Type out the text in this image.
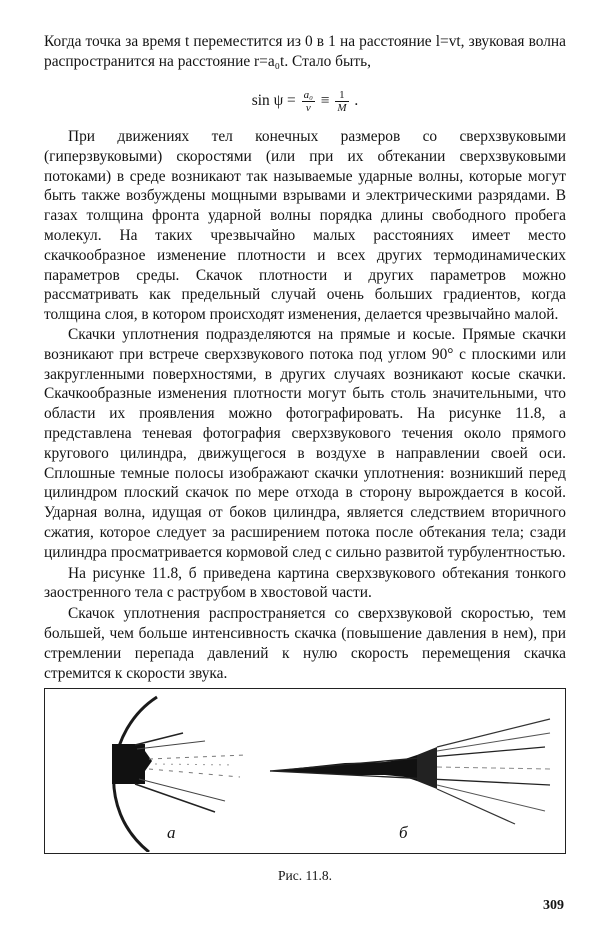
Когда точка за время t переместится из 0 в 1 на расстояние l=vt, звуковая волна распространится на расстояние r=a₀t. Стало быть,

$\sin \psi = \frac{\text{a₀}}{v} \equiv \frac{1}{M}$ .

При движениях тел конечных размеров со сверхзвуковыми (гиперзвуковыми) скоростями (или при их обтекании сверхзвуковыми потоками) в среде возникают так называемые ударные волны, которые могут быть также возбуждены мощными взрывами и электрическими разрядами. В газах толщина фронта ударной волны порядка длины свободного пробега молекул. На таких чрезвычайно малых расстояниях имеет место скачкообразное изменение плотности и всех других термодинамических параметров среды. Скачок плотности и других параметров можно рассматривать как предельный случай очень больших градиентов, когда толщина слоя, в котором происходят изменения, делается чрезвычайно малой.

Скачки уплотнения подразделяются на прямые и косые. Прямые скачки возникают при встрече сверхзвукового потока под углом 90° с плоскими или закругленными поверхностями, в других случаях возникают косые скачки. Скачкообразные изменения плотности могут быть столь значительными, что области их проявления можно фотографировать. На рисунке 11.8, а представлена теневая фотография сверхзвукового течения около прямого кругового цилиндра, движущегося в воздухе в направлении своей оси. Сплошные темные полосы изображают скачки уплотнения: возникший перед цилиндром плоский скачок по мере отхода в сторону вырождается в косой. Ударная волна, идущая от боков цилиндра, является следствием вторичного сжатия, которое следует за расширением потока после обтекания тела; сзади цилиндра просматривается кормовой след с сильно развитой турбулентностью.

На рисунке 11.8, б приведена картина сверхзвукового обтекания тонкого заостренного тела с раструбом в хвостовой части.

Скачок уплотнения распространяется со сверхзвуковой скоростью, тем большей, чем больше интенсивность скачка (повышение давления в нем), при стремлении перепада давлений к нулю скорость перемещения скачка стремится к скорости звука.

а	б
Рис. 11.8.
309
